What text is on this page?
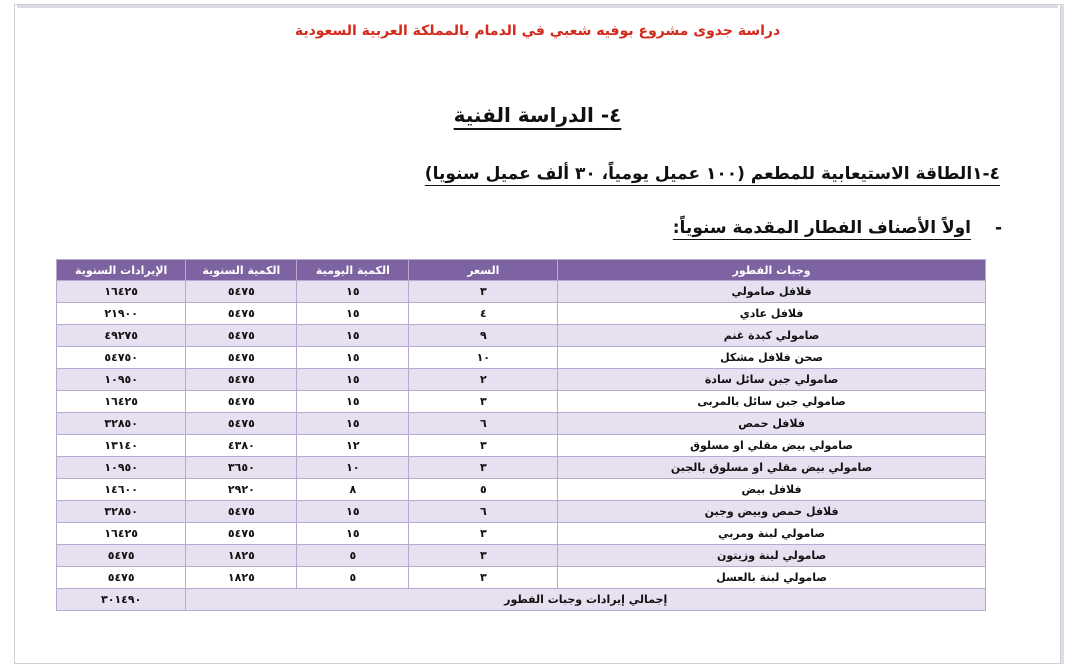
دراسة جدوى مشروع بوفيه شعبي في الدمام بالمملكة العربية السعودية
٤- الدراسة الفنية
٤-١الطاقة الاستيعابية للمطعم (١٠٠ عميل يومياً، ٣٠ ألف عميل سنويا)
- اولاً الأصناف الفطار المقدمة سنوياً:
وجبات الفطور	السعر	الكمية اليومية	الكمية السنوية	الإيرادات السنوية
فلافل صامولي	٣	١٥	٥٤٧٥	١٦٤٢٥
فلافل عادي	٤	١٥	٥٤٧٥	٢١٩٠٠
صامولي كبدة غنم	٩	١٥	٥٤٧٥	٤٩٢٧٥
صحن فلافل مشكل	١٠	١٥	٥٤٧٥	٥٤٧٥٠
صامولي جبن سائل سادة	٢	١٥	٥٤٧٥	١٠٩٥٠
صامولي جبن سائل بالمربى	٣	١٥	٥٤٧٥	١٦٤٢٥
فلافل حمص	٦	١٥	٥٤٧٥	٣٢٨٥٠
صامولي بيض مقلي او مسلوق	٣	١٢	٤٣٨٠	١٣١٤٠
صامولي بيض مقلي او مسلوق بالجبن	٣	١٠	٣٦٥٠	١٠٩٥٠
فلافل بيض	٥	٨	٢٩٢٠	١٤٦٠٠
فلافل حمص وبيض وجبن	٦	١٥	٥٤٧٥	٣٢٨٥٠
صامولي لبنة ومربي	٣	١٥	٥٤٧٥	١٦٤٢٥
صامولي لبنة وزيتون	٣	٥	١٨٢٥	٥٤٧٥
صامولي لبنة بالعسل	٣	٥	١٨٢٥	٥٤٧٥
إجمالي إيرادات وجبات الفطور				٣٠١٤٩٠
